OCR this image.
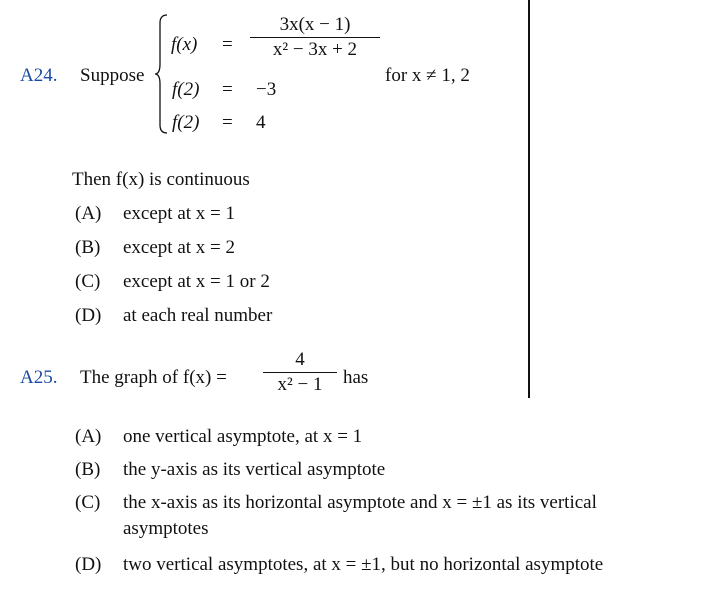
A24. Suppose
f(x) =
3x(x − 1)
x² − 3x + 2
f(2) = −3
f(2) = 4
for x ≠ 1, 2
Then f(x) is continuous
(A) except at x = 1
(B) except at x = 2
(C) except at x = 1 or 2
(D) at each real number
A25. The graph of f(x) =
4
x² − 1	has
(A) one vertical asymptote, at x = 1
(B) the y-axis as its vertical asymptote
(C) the x-axis as its horizontal asymptote and x = ±1 as its vertical
asymptotes
(D) two vertical asymptotes, at x = ±1, but no horizontal asymptote
